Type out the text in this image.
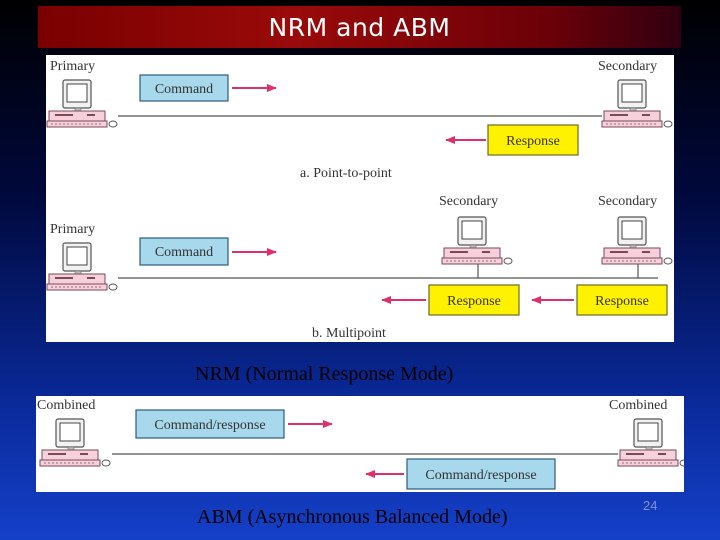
NRM and ABM
Primary	Secondary
Command
Response
a. Point-to-point
Primary
Secondary	Secondary
Command
Response	Response
b. Multipoint
NRM (Normal Response Mode)
Combined	Combined
Command/response
Command/response
ABM (Asynchronous Balanced Mode)
24
